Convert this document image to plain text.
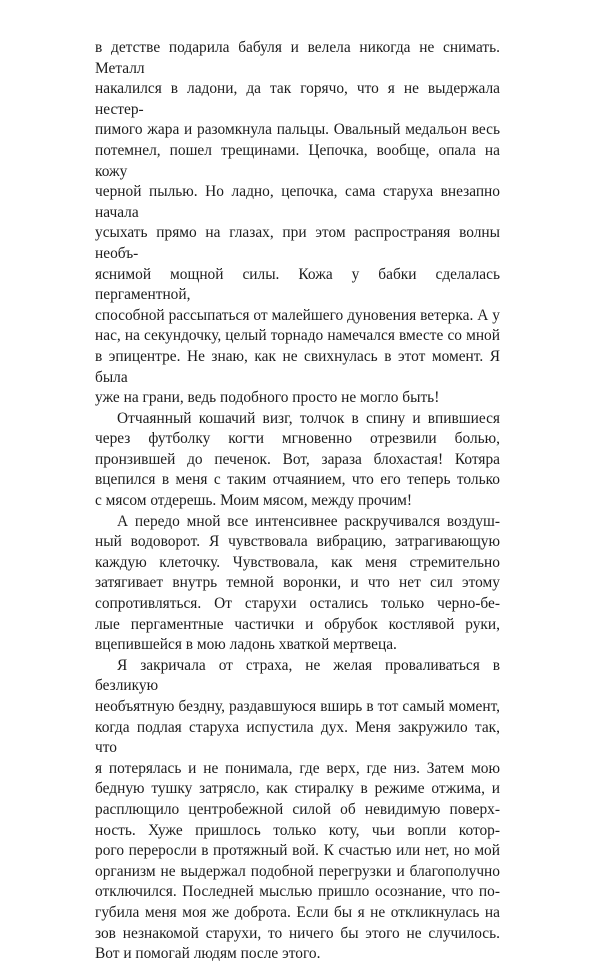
в детстве подарила бабуля и велела никогда не снимать. Металл
накалился в ладони, да так горячо, что я не выдержала нестер-
пимого жара и разомкнула пальцы. Овальный медальон весь
потемнел, пошел трещинами. Цепочка, вообще, опала на кожу
черной пылью. Но ладно, цепочка, сама старуха внезапно начала
усыхать прямо на глазах, при этом распространяя волны необъ-
яснимой мощной силы. Кожа у бабки сделалась пергаментной,
способной рассыпаться от малейшего дуновения ветерка. А у
нас, на секундочку, целый торнадо намечался вместе со мной
в эпицентре. Не знаю, как не свихнулась в этот момент. Я была
уже на грани, ведь подобного просто не могло быть!
Отчаянный кошачий визг, толчок в спину и впившиеся
через футболку когти мгновенно отрезвили болью,
пронзившей до печенок. Вот, зараза блохастая! Котяра
вцепился в меня с таким отчаянием, что его теперь только
с мясом отдерешь. Моим мясом, между прочим!
А передо мной все интенсивнее раскручивался воздуш-
ный водоворот. Я чувствовала вибрацию, затрагивающую
каждую клеточку. Чувствовала, как меня стремительно
затягивает внутрь темной воронки, и что нет сил этому
сопротивляться. От старухи остались только черно-бе-
лые пергаментные частички и обрубок костлявой руки,
вцепившейся в мою ладонь хваткой мертвеца.
Я закричала от страха, не желая проваливаться в безликую
необъятную бездну, раздавшуюся вширь в тот самый момент,
когда подлая старуха испустила дух. Меня закружило так, что
я потерялась и не понимала, где верх, где низ. Затем мою
бедную тушку затрясло, как стиралку в режиме отжима, и
расплющило центробежной силой об невидимую поверх-
ность. Хуже пришлось только коту, чьи вопли котор-
рого переросли в протяжный вой. К счастью или нет, но мой
организм не выдержал подобной перегрузки и благополучно
отключился. Последней мыслью пришло осознание, что по-
губила меня моя же доброта. Если бы я не откликнулась на
зов незнакомой старухи, то ничего бы этого не случилось.
Вот и помогай людям после этого.
